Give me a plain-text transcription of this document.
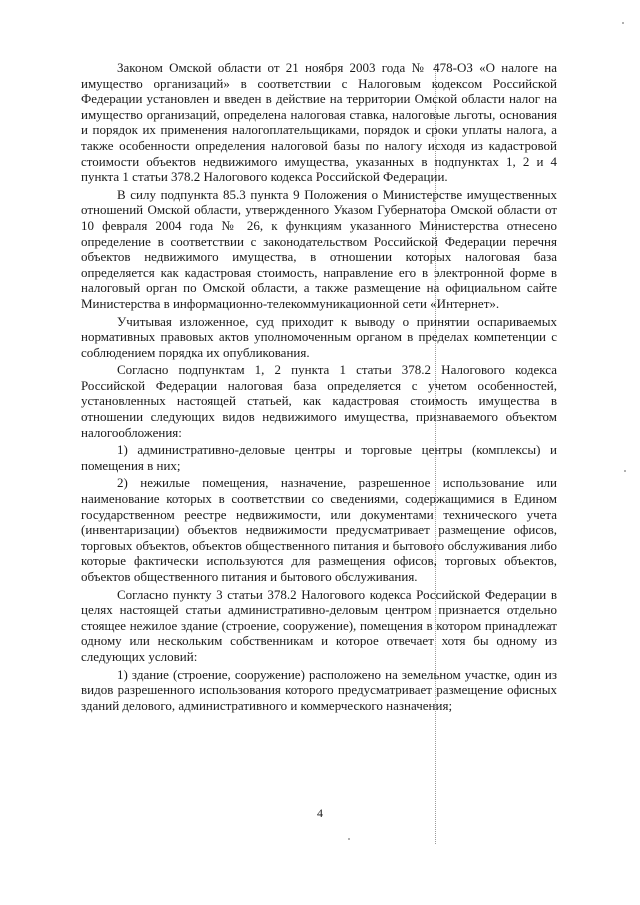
Законом Омской области от 21 ноября 2003 года № 478-ОЗ «О налоге на имущество организаций» в соответствии с Налоговым кодексом Российской Федерации установлен и введен в действие на территории Омской области налог на имущество организаций, определена налоговая ставка, налоговые льготы, основания и порядок их применения налогоплательщиками, порядок и сроки уплаты налога, а также особенности определения налоговой базы по налогу исходя из кадастровой стоимости объектов недвижимого имущества, указанных в подпунктах 1, 2 и 4 пункта 1 статьи 378.2 Налогового кодекса Российской Федерации.

В силу подпункта 85.3 пункта 9 Положения о Министерстве имущественных отношений Омской области, утвержденного Указом Губернатора Омской области от 10 февраля 2004 года № 26, к функциям указанного Министерства отнесено определение в соответствии с законодательством Российской Федерации перечня объектов недвижимого имущества, в отношении которых налоговая база определяется как кадастровая стоимость, направление его в электронной форме в налоговый орган по Омской области, а также размещение на официальном сайте Министерства в информационно-телекоммуникационной сети «Интернет».

Учитывая изложенное, суд приходит к выводу о принятии оспариваемых нормативных правовых актов уполномоченным органом в пределах компетенции с соблюдением порядка их опубликования.

Согласно подпунктам 1, 2 пункта 1 статьи 378.2 Налогового кодекса Российской Федерации налоговая база определяется с учетом особенностей, установленных настоящей статьей, как кадастровая стоимость имущества в отношении следующих видов недвижимого имущества, признаваемого объектом налогообложения:

1) административно-деловые центры и торговые центры (комплексы) и помещения в них;

2) нежилые помещения, назначение, разрешенное использование или наименование которых в соответствии со сведениями, содержащимися в Едином государственном реестре недвижимости, или документами технического учета (инвентаризации) объектов недвижимости предусматривает размещение офисов, торговых объектов, объектов общественного питания и бытового обслуживания либо которые фактически используются для размещения офисов, торговых объектов, объектов общественного питания и бытового обслуживания.

Согласно пункту 3 статьи 378.2 Налогового кодекса Российской Федерации в целях настоящей статьи административно-деловым центром признается отдельно стоящее нежилое здание (строение, сооружение), помещения в котором принадлежат одному или нескольким собственникам и которое отвечает хотя бы одному из следующих условий:

1) здание (строение, сооружение) расположено на земельном участке, один из видов разрешенного использования которого предусматривает размещение офисных зданий делового, административного и коммерческого назначения;

4
